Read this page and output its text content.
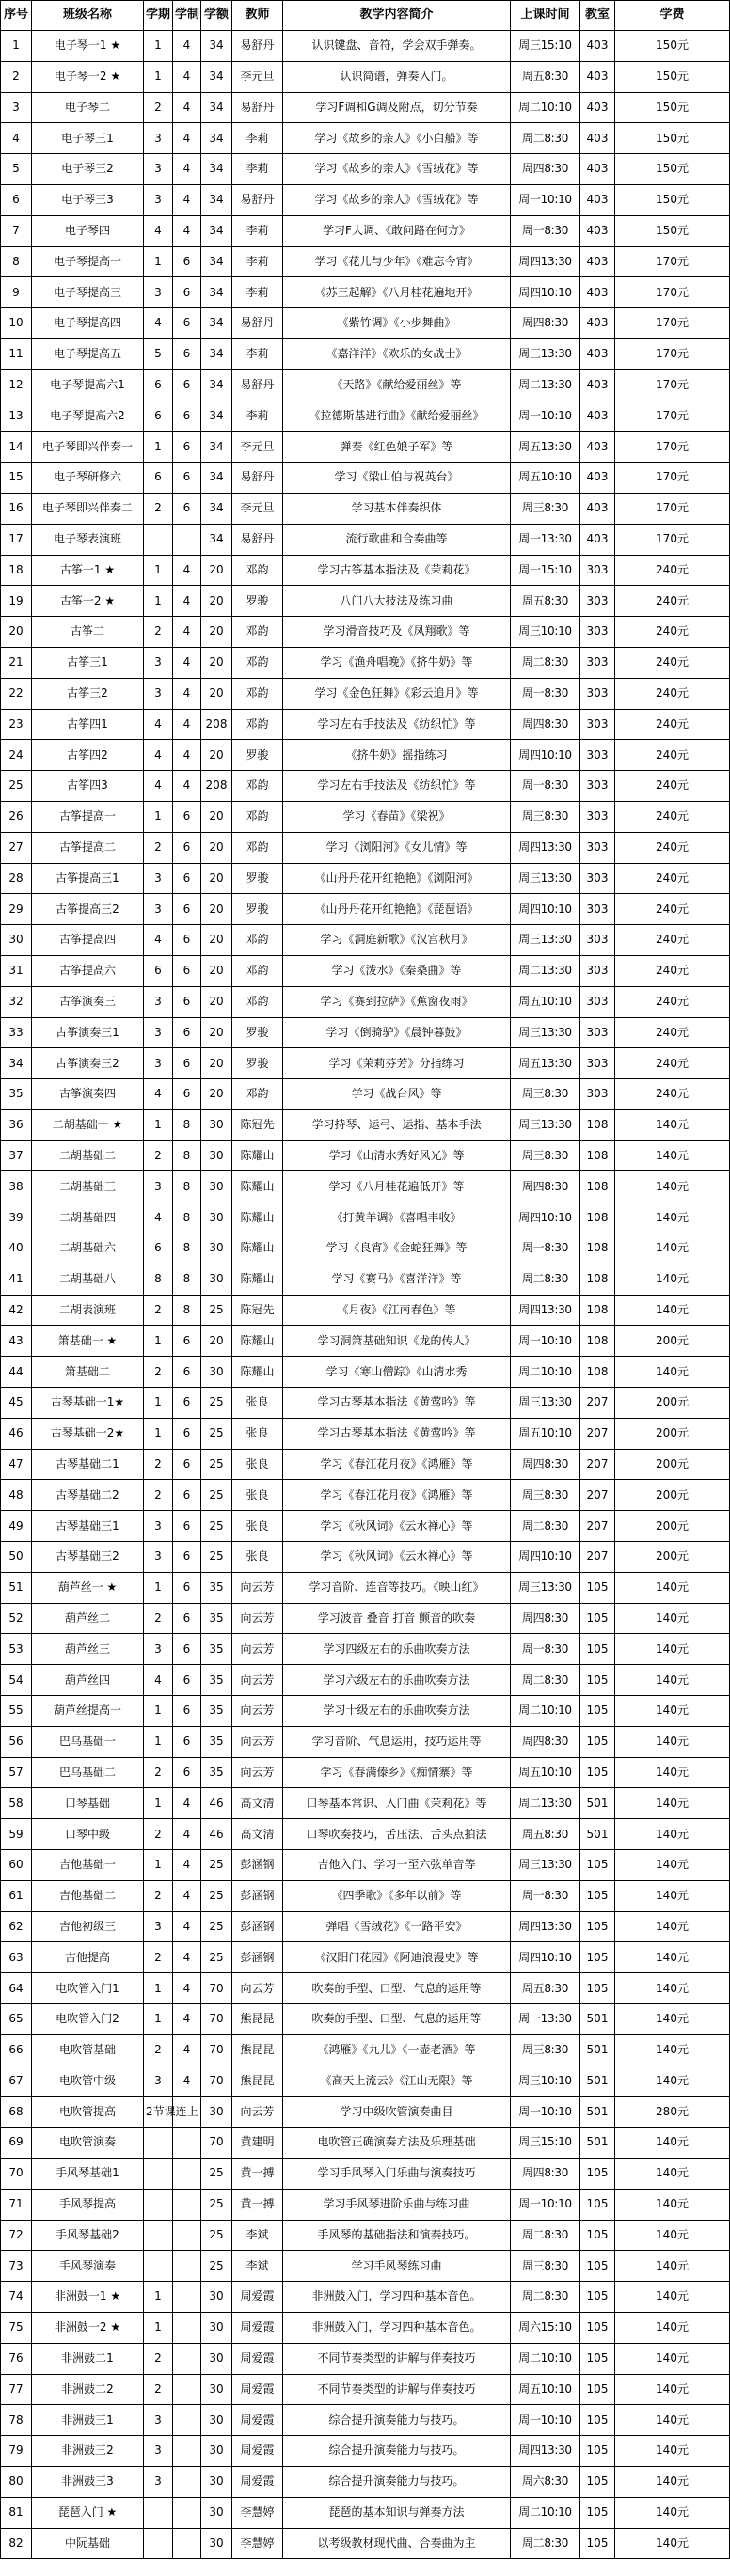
序号	班级名称	学期	学制	学额	教师	教学内容简介	上课时间	教室	学费
1	电子琴一1 ★	1	4	34	易舒丹	认识键盘、音符，学会双手弹奏。	周三15:10	403	150元
2	电子琴一2 ★	1	4	34	李元旦	认识简谱，弹奏入门。	周五8:30	403	150元
3	电子琴二	2	4	34	易舒丹	学习F调和G调及附点，切分节奏	周二10:10	403	150元
4	电子琴三1	3	4	34	李莉	学习《故乡的亲人》《小白船》等	周二8:30	403	150元
5	电子琴三2	3	4	34	李莉	学习《故乡的亲人》《雪绒花》等	周四8:30	403	150元
6	电子琴三3	3	4	34	易舒丹	学习《故乡的亲人》《雪绒花》等	周一10:10	403	150元
7	电子琴四	4	4	34	李莉	学习F大调、《敢问路在何方》	周一8:30	403	150元
8	电子琴提高一	1	6	34	李莉	学习《花儿与少年》《难忘今宵》	周四13:30	403	170元
9	电子琴提高三	3	6	34	李莉	《苏三起解》《八月桂花遍地开》	周四10:10	403	170元
10	电子琴提高四	4	6	34	易舒丹	《紫竹调》《小步舞曲》	周四8:30	403	170元
11	电子琴提高五	5	6	34	李莉	《嘉洋洋》《欢乐的女战士》	周三13:30	403	170元
12	电子琴提高六1	6	6	34	易舒丹	《天路》《献给爱丽丝》等	周二13:30	403	170元
13	电子琴提高六2	6	6	34	李莉	《拉德斯基进行曲》《献给爱丽丝》	周一10:10	403	170元
14	电子琴即兴伴奏一	1	6	34	李元旦	弹奏《红色娘子军》等	周五13:30	403	170元
15	电子琴研修六	6	6	34	易舒丹	学习《梁山伯与祝英台》	周五10:10	403	170元
16	电子琴即兴伴奏二	2	6	34	李元旦	学习基本伴奏织体	周三8:30	403	170元
17	电子琴表演班			34	易舒丹	流行歌曲和合奏曲等	周一13:30	403	170元
18	古筝一1 ★	1	4	20	邓韵	学习古筝基本指法及《茉莉花》	周一15:10	303	240元
19	古筝一2 ★	1	4	20	罗骏	八门八大技法及练习曲	周五8:30	303	240元
20	古筝二	2	4	20	邓韵	学习滑音技巧及《凤翔歌》等	周三10:10	303	240元
21	古筝三1	3	4	20	邓韵	学习《渔舟唱晚》《挤牛奶》等	周二8:30	303	240元
22	古筝三2	3	4	20	邓韵	学习《金色狂舞》《彩云追月》等	周一8:30	303	240元
23	古筝四1	4	4	208	邓韵	学习左右手技法及《纺织忙》等	周四8:30	303	240元
24	古筝四2	4	4	20	罗骏	《挤牛奶》摇指练习	周四10:10	303	240元
25	古筝四3	4	4	208	邓韵	学习左右手技法及《纺织忙》等	周一8:30	303	240元
26	古筝提高一	1	6	20	邓韵	学习《春苗》《梁祝》	周三8:30	303	240元
27	古筝提高二	2	6	20	邓韵	学习《浏阳河》《女儿情》等	周四13:30	303	240元
28	古筝提高三1	3	6	20	罗骏	《山丹丹花开红艳艳》《浏阳河》	周三13:30	303	240元
29	古筝提高三2	3	6	20	罗骏	《山丹丹花开红艳艳》《琵琶语》	周四10:10	303	240元
30	古筝提高四	4	6	20	邓韵	学习《洞庭新歌》《汉宫秋月》	周三13:30	303	240元
31	古筝提高六	6	6	20	邓韵	学习《泼水》《秦桑曲》等	周二13:30	303	240元
32	古筝演奏三	3	6	20	邓韵	学习《赛到拉萨》《蕉窗夜雨》	周五10:10	303	240元
33	古筝演奏三1	3	6	20	罗骏	学习《倒骑驴》《晨钟暮鼓》	周三13:30	303	240元
34	古筝演奏三2	3	6	20	罗骏	学习《茉莉芬芳》分指练习	周五13:30	303	240元
35	古筝演奏四	4	6	20	邓韵	学习《战台风》等	周三8:30	303	240元
36	二胡基础一 ★	1	8	30	陈冠先	学习持琴、运弓、运指、基本手法	周三13:30	108	140元
37	二胡基础二	2	8	30	陈耀山	学习《山清水秀好风光》等	周三8:30	108	140元
38	二胡基础三	3	8	30	陈耀山	学习《八月桂花遍低开》等	周四8:30	108	140元
39	二胡基础四	4	8	30	陈耀山	《打黄羊调》《喜唱丰收》	周四10:10	108	140元
40	二胡基础六	6	8	30	陈耀山	学习《良宵》《金蛇狂舞》等	周一8:30	108	140元
41	二胡基础八	8	8	30	陈耀山	学习《赛马》《喜洋洋》等	周二8:30	108	140元
42	二胡表演班	2	8	25	陈冠先	《月夜》《江南春色》等	周四13:30	108	140元
43	箫基础一 ★	1	6	20	陈耀山	学习洞箫基础知识《龙的传人》	周一10:10	108	200元
44	箫基础二	2	6	30	陈耀山	学习《寒山僧踪》《山清水秀	周二10:10	108	140元
45	古琴基础一1★	1	6	25	张良	学习古琴基本指法《黄莺吟》等	周三13:30	207	200元
46	古琴基础一2★	1	6	25	张良	学习古琴基本指法《黄莺吟》等	周五10:10	207	200元
47	古琴基础二1	2	6	25	张良	学习《春江花月夜》《鸿雁》等	周四8:30	207	200元
48	古琴基础二2	2	6	25	张良	学习《春江花月夜》《鸿雁》等	周三8:30	207	200元
49	古琴基础三1	3	6	25	张良	学习《秋风词》《云水禅心》等	周二8:30	207	200元
50	古琴基础三2	3	6	25	张良	学习《秋风词》《云水禅心》等	周四10:10	207	200元
51	葫芦丝一 ★	1	6	35	向云芳	学习音阶、连音等技巧。《映山红》	周三13:30	105	140元
52	葫芦丝二	2	6	35	向云芳	学习波音 叠音 打音 颤音的吹奏	周四8:30	105	140元
53	葫芦丝三	3	6	35	向云芳	学习四级左右的乐曲吹奏方法	周一8:30	105	140元
54	葫芦丝四	4	6	35	向云芳	学习六级左右的乐曲吹奏方法	周二8:30	105	140元
55	葫芦丝提高一	1	6	35	向云芳	学习十级左右的乐曲吹奏方法	周二10:10	105	140元
56	巴乌基础一	1	6	35	向云芳	学习音阶、气息运用，技巧运用等	周四8:30	105	140元
57	巴乌基础二	2	6	35	向云芳	学习《春满傣乡》《痴情寨》等	周五10:10	105	140元
58	口琴基础	1	4	46	高文清	口琴基本常识、入门曲《茉莉花》等	周二13:30	501	140元
59	口琴中级	2	4	46	高文清	口琴吹奏技巧，舌压法、舌头点拍法	周五8:30	501	140元
60	吉他基础一	1	4	25	彭涵钢	吉他入门、学习一至六弦单音等	周三13:30	105	140元
61	吉他基础二	2	4	25	彭涵钢	《四季歌》《多年以前》等	周一8:30	105	140元
62	吉他初级三	3	4	25	彭涵钢	弹唱《雪绒花》《一路平安》	周四13:30	105	140元
63	吉他提高	2	4	25	彭涵钢	《汉阳门花园》《阿迪浪漫史》等	周四10:10	105	140元
64	电吹管入门1	1	4	70	向云芳	吹奏的手型、口型、气息的运用等	周五8:30	105	140元
65	电吹管入门2	1	4	70	熊昆昆	吹奏的手型、口型、气息的运用等	周一13:30	501	140元
66	电吹管基础	2	4	70	熊昆昆	《鸿雁》《九儿》《一壶老酒》等	周三8:30	501	140元
67	电吹管中级	3	4	70	熊昆昆	《高天上流云》《江山无限》等	周三10:10	501	140元
68	电吹管提高	2节课连上		30	向云芳	学习中级吹管演奏曲目	周一10:10	501	280元
69	电吹管演奏			70	黄建明	电吹管正确演奏方法及乐理基础	周三15:10	501	140元
70	手风琴基础1			25	黄一搏	学习手风琴入门乐曲与演奏技巧	周四8:30	105	140元
71	手风琴提高			25	黄一搏	学习手风琴进阶乐曲与练习曲	周一10:10	105	140元
72	手风琴基础2			25	李斌	手风琴的基础指法和演奏技巧。	周二8:30	105	140元
73	手风琴演奏			25	李斌	学习手风琴练习曲	周三8:30	105	140元
74	非洲鼓一1 ★	1		30	周爱霞	非洲鼓入门，学习四种基本音色。	周二8:30	105	140元
75	非洲鼓一2 ★	1		30	周爱霞	非洲鼓入门，学习四种基本音色。	周六15:10	105	140元
76	非洲鼓二1	2		30	周爱霞	不同节奏类型的讲解与伴奏技巧	周二10:10	105	140元
77	非洲鼓二2	2		30	周爱霞	不同节奏类型的讲解与伴奏技巧	周五10:10	105	140元
78	非洲鼓三1	3		30	周爱霞	综合提升演奏能力与技巧。	周一10:10	105	140元
79	非洲鼓三2	3		30	周爱霞	综合提升演奏能力与技巧。	周四13:30	105	140元
80	非洲鼓三3	3		30	周爱霞	综合提升演奏能力与技巧。	周六8:30	105	140元
81	琵琶入门 ★			30	李慧婷	琵琶的基本知识与弹奏方法	周二10:10	105	140元
82	中阮基础			30	李慧婷	以考级教材现代曲、合奏曲为主	周二8:30	105	140元
